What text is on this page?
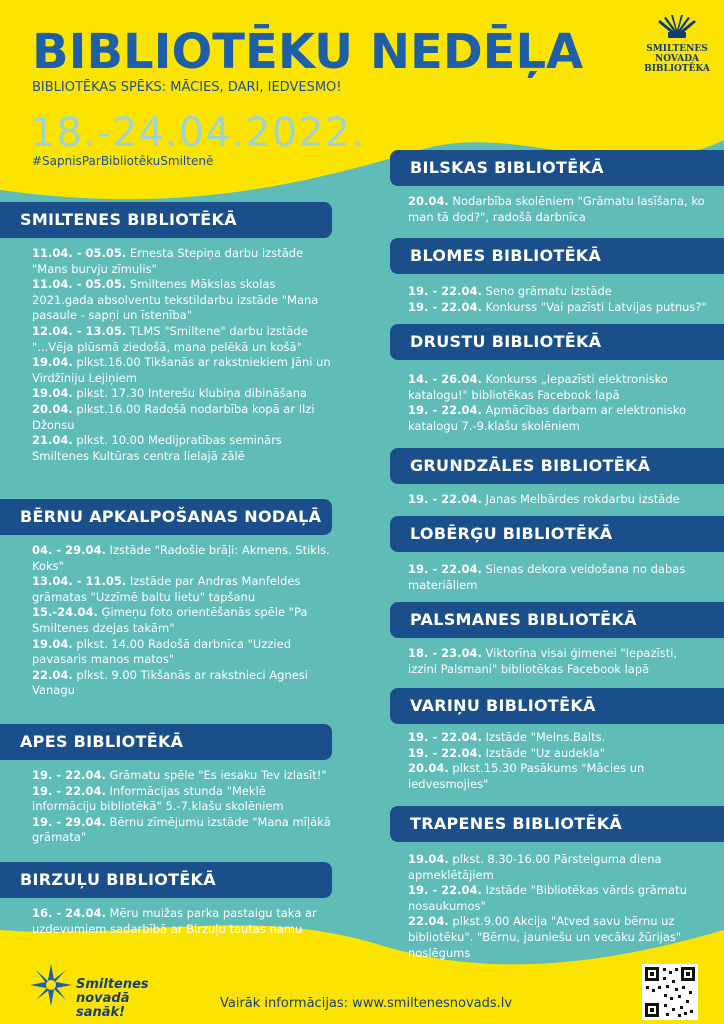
BIBLIOTĒKU NEDĒĻA
BIBLIOTĒKAS SPĒKS: MĀCIES, DARI, IEDVESMO!
18.-24.04.2022.
#SapnisParBibliotēkuSmiltenē
SMILTENES
NOVADA
BIBLIOTĒKA
SMILTENES BIBLIOTĒKĀ

11.04. - 05.05. Ernesta Stepiņa darbu izstāde "Mans burvju zīmulis"

11.04. - 05.05. Smiltenes Mākslas skolas 2021.gada absolventu tekstildarbu izstāde "Mana pasaule - sapņi un īstenība"

12.04. - 13.05. TLMS "Smiltene" darbu izstāde "...Vēja plūsmā ziedošā, mana pelēkā un košā"

19.04. plkst.16.00 Tikšanās ar rakstniekiem Jāni un Virdžīniju Lejiņiem

19.04. plkst. 17.30 Interešu klubiņa dibināšana

20.04. plkst.16.00 Radošā nodarbība kopā ar Ilzi Džonsu

21.04. plkst. 10.00 Medijpratības seminārs Smiltenes Kultūras centra lielajā zālē

BĒRNU APKALPOŠANAS NODAĻĀ

04. - 29.04. Izstāde "Radošie brāļi: Akmens. Stikls. Koks"

13.04. - 11.05. Izstāde par Andras Manfeldes grāmatas "Uzzīmē baltu lietu" tapšanu

15.-24.04. Ģimeņu foto orientēšanās spēle "Pa Smiltenes dzejas takām"

19.04. plkst. 14.00 Radošā darbnīca "Uzzied pavasaris manos matos"

22.04. plkst. 9.00 Tikšanās ar rakstnieci Agnesi Vanagu

APES BIBLIOTĒKĀ

19. - 22.04. Grāmatu spēle "Es iesaku Tev izlasīt!"

19. - 22.04. Informācijas stunda "Meklē informāciju bibliotēkā" 5.-7.klašu skolēniem

19. - 29.04. Bērnu zīmējumu izstāde "Mana mīļākā grāmata"

BIRZUĻU BIBLIOTĒKĀ

16. - 24.04. Mēru muižas parka pastaigu taka ar uzdevumiem sadarbībā ar Birzuļu tautas namu

BILSKAS BIBLIOTĒKĀ

20.04. Nodarbība skolēniem "Grāmatu lasīšana, ko man tā dod?", radošā darbnīca

BLOMES BIBLIOTĒKĀ

19. - 22.04. Seno grāmatu izstāde

19. - 22.04. Konkurss "Vai pazīsti Latvijas putnus?"

DRUSTU BIBLIOTĒKĀ

14. - 26.04. Konkurss „Iepazīsti elektronisko katalogu!" bibliotēkas Facebook lapā

19. - 22.04. Apmācības darbam ar elektronisko katalogu 7.-9.klašu skolēniem

GRUNDZĀLES BIBLIOTĒKĀ

19. - 22.04. Janas Melbārdes rokdarbu izstāde

LOBĒRĢU BIBLIOTĒKĀ

19. - 22.04. Sienas dekora veidošana no dabas materiāliem

PALSMANES BIBLIOTĒKĀ

18. - 23.04. Viktorīna visai ģimenei "Iepazīsti, izzini Palsmani" bibliotēkas Facebook lapā

VARIŅU BIBLIOTĒKĀ

19. - 22.04. Izstāde "Melns.Balts.

19. - 22.04. Izstāde "Uz audekla"

20.04. plkst.15.30 Pasākums "Mācies un iedvesmojies"

TRAPENES BIBLIOTĒKĀ

19.04. plkst. 8.30-16.00 Pārsteiguma diena apmeklētājiem

19. - 22.04. Izstāde "Bibliotēkas vārds grāmatu nosaukumos"

22.04. plkst.9.00 Akcija "Atved savu bērnu uz bibliotēku". "Bērnu, jauniešu un vecāku žūrijas" noslēgums

Smiltenes novadā
sanāk!
Vairāk informācijas: www.smiltenesnovads.lv
